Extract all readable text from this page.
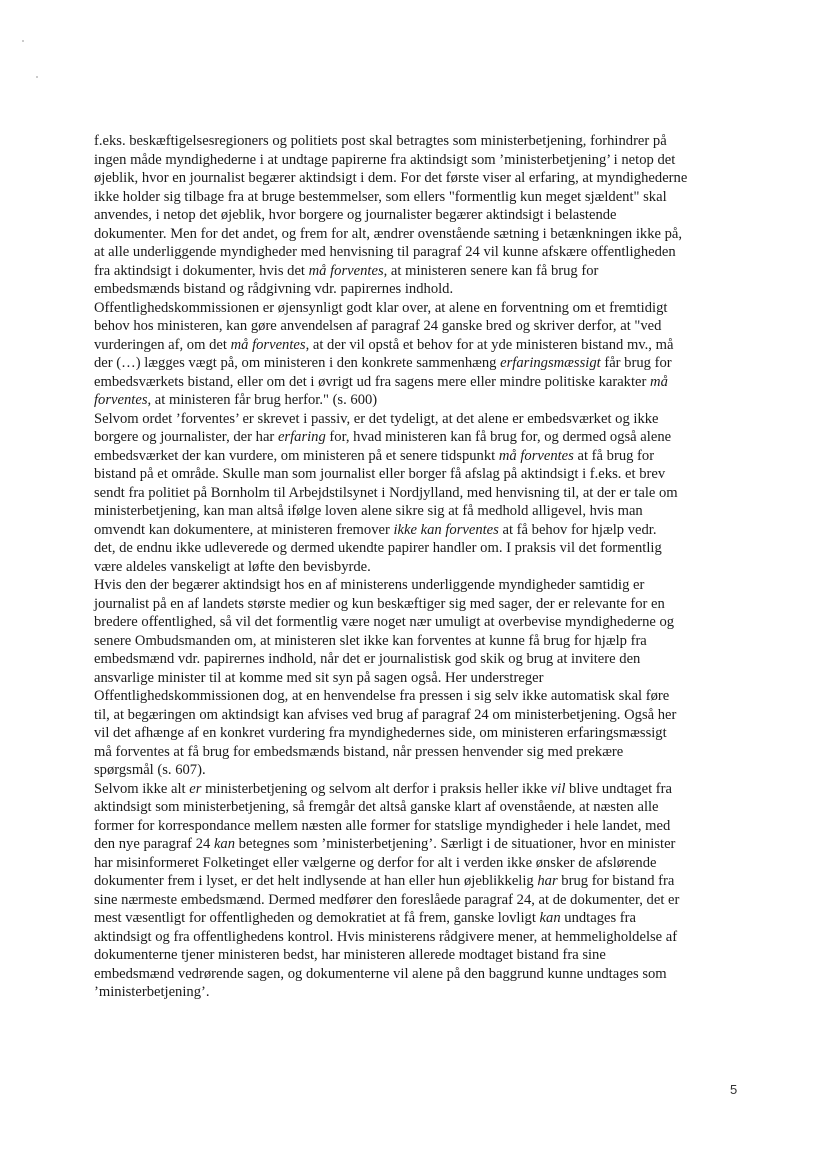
f.eks. beskæftigelsesregioners og politiets post skal betragtes som ministerbetjening, forhindrer på
ingen måde myndighederne i at undtage papirerne fra aktindsigt som ’ministerbetjening’ i netop det
øjeblik, hvor en journalist begærer aktindsigt i dem. For det første viser al erfaring, at myndighederne
ikke holder sig tilbage fra at bruge bestemmelser, som ellers "formentlig kun meget sjældent" skal
anvendes, i netop det øjeblik, hvor borgere og journalister begærer aktindsigt i belastende
dokumenter. Men for det andet, og frem for alt, ændrer ovenstående sætning i betænkningen ikke på,
at alle underliggende myndigheder med henvisning til paragraf 24 vil kunne afskære offentligheden
fra aktindsigt i dokumenter, hvis det må forventes, at ministeren senere kan få brug for
embedsmænds bistand og rådgivning vdr. papirernes indhold.
Offentlighedskommissionen er øjensynligt godt klar over, at alene en forventning om et fremtidigt
behov hos ministeren, kan gøre anvendelsen af paragraf 24 ganske bred og skriver derfor, at "ved
vurderingen af, om det må forventes, at der vil opstå et behov for at yde ministeren bistand mv., må
der (…) lægges vægt på, om ministeren i den konkrete sammenhæng erfaringsmæssigt får brug for
embedsværkets bistand, eller om det i øvrigt ud fra sagens mere eller mindre politiske karakter må
forventes, at ministeren får brug herfor." (s. 600)
Selvom ordet ’forventes’ er skrevet i passiv, er det tydeligt, at det alene er embedsværket og ikke
borgere og journalister, der har erfaring for, hvad ministeren kan få brug for, og dermed også alene
embedsværket der kan vurdere, om ministeren på et senere tidspunkt må forventes at få brug for
bistand på et område. Skulle man som journalist eller borger få afslag på aktindsigt i f.eks. et brev
sendt fra politiet på Bornholm til Arbejdstilsynet i Nordjylland, med henvisning til, at der er tale om
ministerbetjening, kan man altså ifølge loven alene sikre sig at få medhold alligevel, hvis man
omvendt kan dokumentere, at ministeren fremover ikke kan forventes at få behov for hjælp vedr.
det, de endnu ikke udleverede og dermed ukendte papirer handler om. I praksis vil det formentlig
være aldeles vanskeligt at løfte den bevisbyrde.
Hvis den der begærer aktindsigt hos en af ministerens underliggende myndigheder samtidig er
journalist på en af landets største medier og kun beskæftiger sig med sager, der er relevante for en
bredere offentlighed, så vil det formentlig være noget nær umuligt at overbevise myndighederne og
senere Ombudsmanden om, at ministeren slet ikke kan forventes at kunne få brug for hjælp fra
embedsmænd vdr. papirernes indhold, når det er journalistisk god skik og brug at invitere den
ansvarlige minister til at komme med sit syn på sagen også. Her understreger
Offentlighedskommissionen dog, at en henvendelse fra pressen i sig selv ikke automatisk skal føre
til, at begæringen om aktindsigt kan afvises ved brug af paragraf 24 om ministerbetjening. Også her
vil det afhænge af en konkret vurdering fra myndighedernes side, om ministeren erfaringsmæssigt
må forventes at få brug for embedsmænds bistand, når pressen henvender sig med prekære
spørgsmål (s. 607).
Selvom ikke alt er ministerbetjening og selvom alt derfor i praksis heller ikke vil blive undtaget fra
aktindsigt som ministerbetjening, så fremgår det altså ganske klart af ovenstående, at næsten alle
former for korrespondance mellem næsten alle former for statslige myndigheder i hele landet, med
den nye paragraf 24 kan betegnes som ’ministerbetjening’. Særligt i de situationer, hvor en minister
har misinformeret Folketinget eller vælgerne og derfor for alt i verden ikke ønsker de afslørende
dokumenter frem i lyset, er det helt indlysende at han eller hun øjeblikkelig har brug for bistand fra
sine nærmeste embedsmænd. Dermed medfører den foreslåede paragraf 24, at de dokumenter, det er
mest væsentligt for offentligheden og demokratiet at få frem, ganske lovligt kan undtages fra
aktindsigt og fra offentlighedens kontrol. Hvis ministerens rådgivere mener, at hemmeligholdelse af
dokumenterne tjener ministeren bedst, har ministeren allerede modtaget bistand fra sine
embedsmænd vedrørende sagen, og dokumenterne vil alene på den baggrund kunne undtages som
’ministerbetjening’.
5
